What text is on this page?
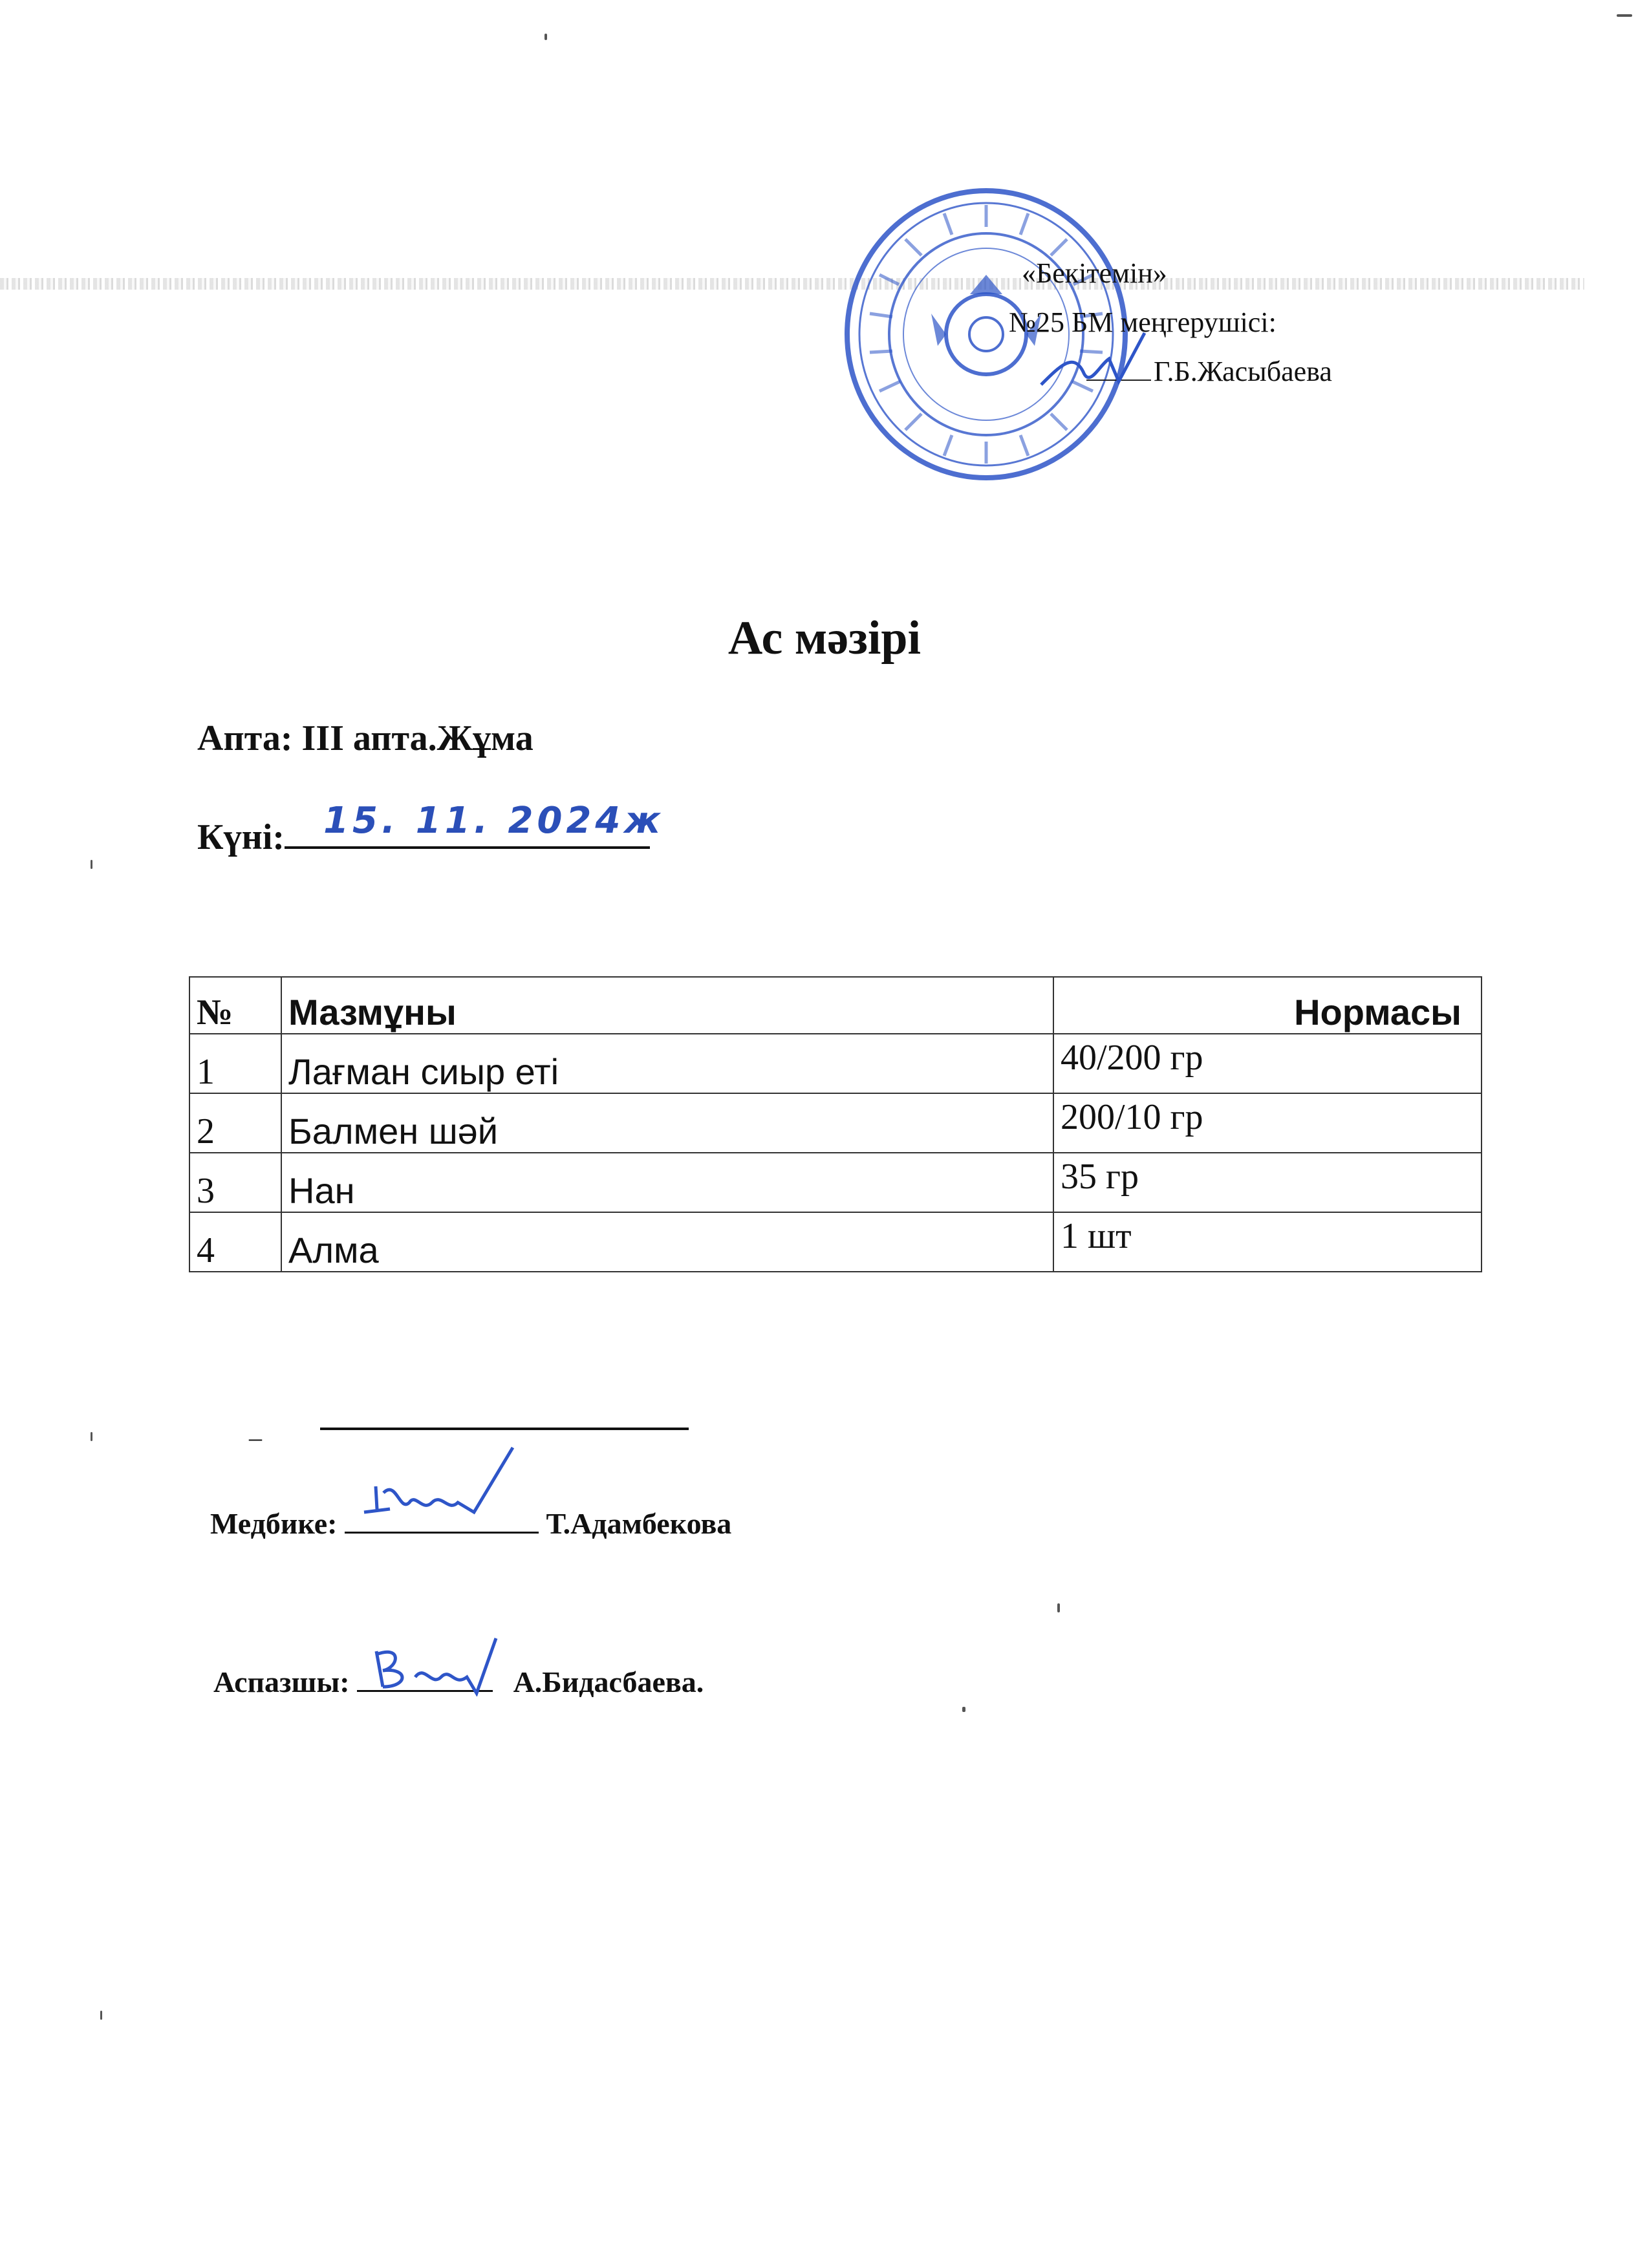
«Бекітемін»
№25 БМ меңгерушісі:
Г.Б.Жасыбаева
Ас мәзірі
Апта: ІІІ апта.Жұма
Күні: 15. 11. 2024ж
№	Мазмұны	Нормасы
1	Лағман сиыр еті	40/200 гр
2	Балмен шәй	200/10 гр
3	Нан	35 гр
4	Алма	1 шт
–
Медбике:	Т.Адамбекова
Аспазшы:	А.Бидасбаева.
